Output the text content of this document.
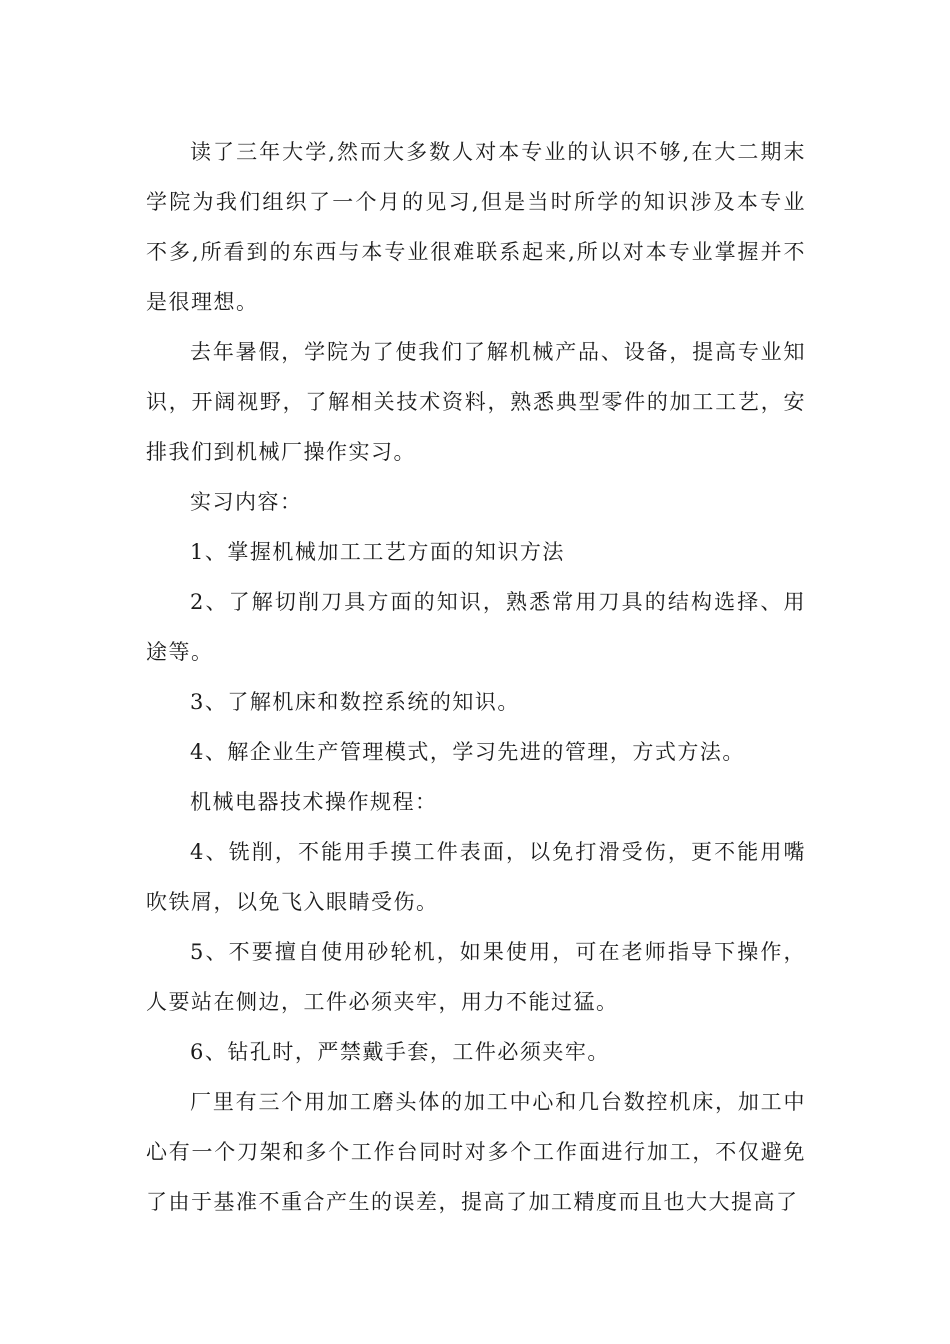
读了三年大学,然而大多数人对本专业的认识不够,在大二期末学院为我们组织了一个月的见习,但是当时所学的知识涉及本专业不多,所看到的东西与本专业很难联系起来,所以对本专业掌握并不是很理想。

去年暑假，学院为了使我们了解机械产品、设备，提高专业知识，开阔视野，了解相关技术资料，熟悉典型零件的加工工艺，安排我们到机械厂操作实习。

实习内容：

1、掌握机械加工工艺方面的知识方法

2、了解切削刀具方面的知识，熟悉常用刀具的结构选择、用途等。

3、了解机床和数控系统的知识。

4、解企业生产管理模式，学习先进的管理，方式方法。

机械电器技术操作规程：

4、铣削，不能用手摸工件表面，以免打滑受伤，更不能用嘴吹铁屑，以免飞入眼睛受伤。

5、不要擅自使用砂轮机，如果使用，可在老师指导下操作，人要站在侧边，工件必须夹牢，用力不能过猛。

6、钻孔时，严禁戴手套，工件必须夹牢。

厂里有三个用加工磨头体的加工中心和几台数控机床，加工中心有一个刀架和多个工作台同时对多个工作面进行加工，不仅避免了由于基准不重合产生的误差，提高了加工精度而且也大大提高了
